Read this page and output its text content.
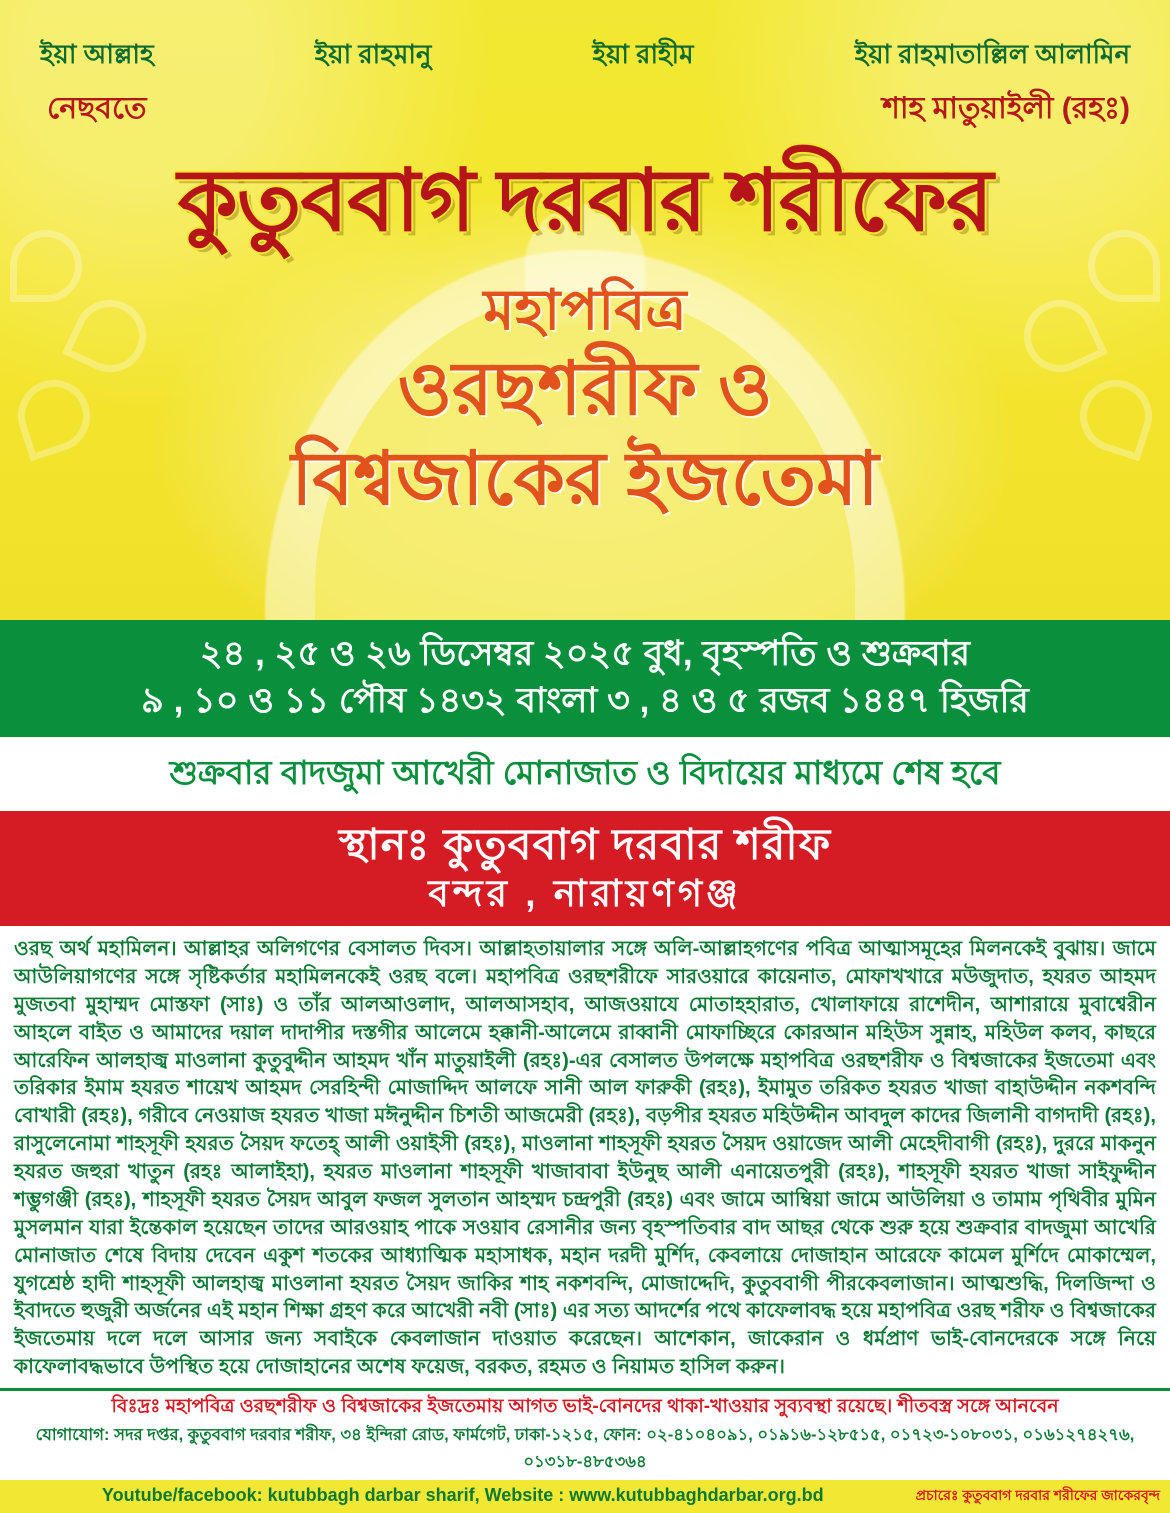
ইয়া আল্লাহ
নেছবতে
ইয়া রাহমানু	ইয়া রাহীম	ইয়া রাহমাতাল্লিল আলামিন
শাহ মাতুয়াইলী (রহঃ)
কুতুববাগ দরবার শরীফের
মহাপবিত্র
ওরছশরীফ ও
বিশ্বজাকের ইজতেমা
২৪ , ২৫ ও ২৬ ডিসেম্বর ২০২৫ বুধ, বৃহস্পতি ও শুক্রবার
৯ , ১০ ও ১১ পৌষ ১৪৩২ বাংলা ৩ , ৪ ও ৫ রজব ১৪৪৭ হিজরি
শুক্রবার বাদজুমা আখেরী মোনাজাত ও বিদায়ের মাধ্যমে শেষ হবে
স্থানঃ কুতুববাগ দরবার শরীফ
বন্দর , নারায়ণগঞ্জ

ওরছ অর্থ মহামিলন। আল্লাহর অলিগণের বেসালত দিবস। আল্লাহতায়ালার সঙ্গে অলি-আল্লাহগণের পবিত্র আত্মাসমূহের মিলনকেই বুঝায়। জামে আউলিয়াগণের সঙ্গে সৃষ্টিকর্তার মহামিলনকেই ওরছ বলে। মহাপবিত্র ওরছশরীফে সারওয়ারে কায়েনাত, মোফাখখারে মউজুদাত, হযরত আহমদ মুজতবা মুহাম্মদ মোস্তফা (সাঃ) ও তাঁর আলআওলাদ, আলআসহাব, আজওয়াযে মোতাহহারাত, খোলাফায়ে রাশেদীন, আশারায়ে মুবাশ্বেরীন আহলে বাইত ও আমাদের দয়াল দাদাপীর দস্তগীর আলেমে হক্কানী-আলেমে রাব্বানী মোফাচ্ছিরে কোরআন মহিউস সুন্নাহ, মহিউল কলব, কাছরে আরেফিন আলহাজ্ব মাওলানা কুতুবুদ্দীন আহমদ খাঁন মাতুয়াইলী (রহঃ)-এর বেসালত উপলক্ষে মহাপবিত্র ওরছশরীফ ও বিশ্বজাকের ইজতেমা এবং তরিকার ইমাম হযরত শায়েখ আহমদ সেরহিন্দী মোজাদ্দিদ আলফে সানী আল ফারুকী (রহঃ), ইমামুত তরিকত হযরত খাজা বাহাউদ্দীন নকশবন্দি বোখারী (রহঃ), গরীবে নেওয়াজ হযরত খাজা মঈনুদ্দীন চিশতী আজমেরী (রহঃ), বড়পীর হযরত মহিউদ্দীন আবদুল কাদের জিলানী বাগদাদী (রহঃ), রাসুলেনোমা শাহসূফী হযরত সৈয়দ ফতেহ্ আলী ওয়াইসী (রহঃ), মাওলানা শাহসূফী হযরত সৈয়দ ওয়াজেদ আলী মেহেদীবাগী (রহঃ), দুররে মাকনুন হযরত জহুরা খাতুন (রহঃ আলাইহা), হযরত মাওলানা শাহসূফী খাজাবাবা ইউনুছ আলী এনায়েতপুরী (রহঃ), শাহসূফী হযরত খাজা সাইফুদ্দীন শম্ভুগঞ্জী (রহঃ), শাহসূফী হযরত সৈয়দ আবুল ফজল সুলতান আহম্মদ চন্দ্রপুরী (রহঃ) এবং জামে আম্বিয়া জামে আউলিয়া ও তামাম পৃথিবীর মুমিন মুসলমান যারা ইন্তেকাল হয়েছেন তাদের আরওয়াহ পাকে সওয়াব রেসানীর জন্য বৃহস্পতিবার বাদ আছর থেকে শুরু হয়ে শুক্রবার বাদজুমা আখেরি মোনাজাত শেষে বিদায় দেবেন একুশ শতকের আধ্যাত্মিক মহাসাধক, মহান দরদী মুর্শিদ, কেবলায়ে দোজাহান আরেফে কামেল মুর্শিদে মোকাম্মেল, যুগশ্রেষ্ঠ হাদী শাহসূফী আলহাজ্ব মাওলানা হযরত সৈয়দ জাকির শাহ নকশবন্দি, মোজাদ্দেদি, কুতুববাগী পীরকেবলাজান। আত্মশুদ্ধি, দিলজিন্দা ও ইবাদতে হুজুরী অর্জনের এই মহান শিক্ষা গ্রহণ করে আখেরী নবী (সাঃ) এর সত্য আদর্শের পথে কাফেলাবদ্ধ হয়ে মহাপবিত্র ওরছ শরীফ ও বিশ্বজাকের ইজতেমায় দলে দলে আসার জন্য সবাইকে কেবলাজান দাওয়াত করেছেন। আশেকান, জাকেরান ও ধর্মপ্রাণ ভাই-বোনদেরকে সঙ্গে নিয়ে কাফেলাবদ্ধভাবে উপস্থিত হয়ে দোজাহানের অশেষ ফয়েজ, বরকত, রহমত ও নিয়ামত হাসিল করুন।

বিঃদ্রঃ মহাপবিত্র ওরছশরীফ ও বিশ্বজাকের ইজতেমায় আগত ভাই-বোনদের থাকা-খাওয়ার সুব্যবস্থা রয়েছে। শীতবস্ত্র সঙ্গে আনবেন
যোগাযোগ: সদর দপ্তর, কুতুববাগ দরবার শরীফ, ৩৪ ইন্দিরা রোড, ফার্মগেট, ঢাকা-১২১৫, ফোন: ০২-৪১০৪০৯১, ০১৯১৬-১২৮৫১৫, ০১৭২৩-১০৮০৩১, ০১৬১২৭৪২৭৬, ০১৩১৮-৪৮৫৩৬৪
Youtube/facebook: kutubbagh darbar sharif, Website : www.kutubbaghdarbar.org.bd	প্রচারেঃ কুতুববাগ দরবার শরীফের জাকেরবৃন্দ
